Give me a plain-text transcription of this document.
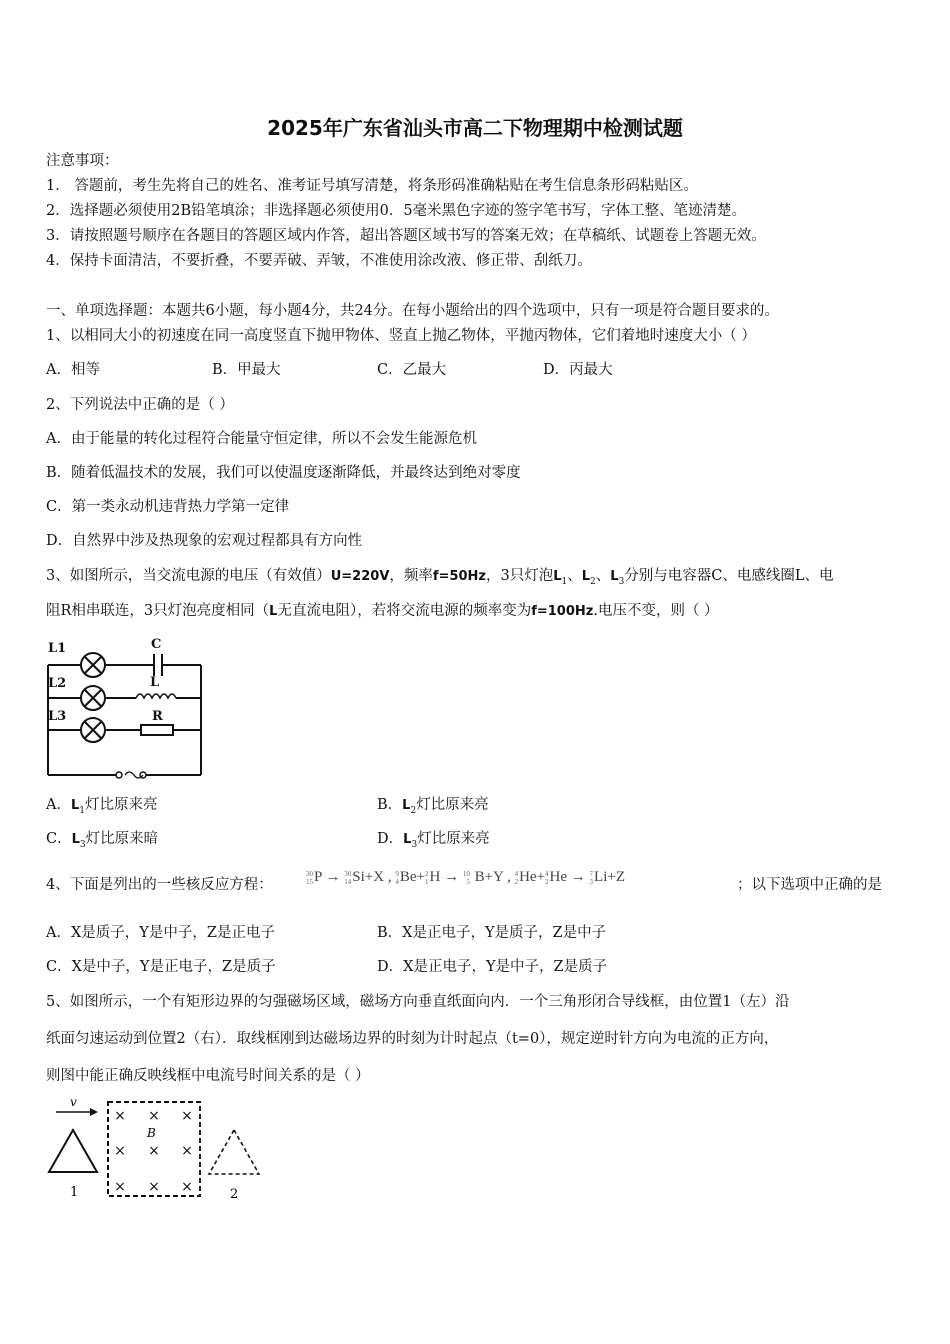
2025年广东省汕头市高二下物理期中检测试题
注意事项：
1． 答题前，考生先将自己的姓名、准考证号填写清楚，将条形码准确粘贴在考生信息条形码粘贴区。
2．选择题必须使用2B铅笔填涂；非选择题必须使用0．5毫米黑色字迹的签字笔书写，字体工整、笔迹清楚。
3．请按照题号顺序在各题目的答题区域内作答，超出答题区域书写的答案无效；在草稿纸、试题卷上答题无效。
4．保持卡面清洁，不要折叠，不要弄破、弄皱，不准使用涂改液、修正带、刮纸刀。
一、单项选择题：本题共6小题，每小题4分，共24分。在每小题给出的四个选项中，只有一项是符合题目要求的。
1、以相同大小的初速度在同一高度竖直下抛甲物体、竖直上抛乙物体，平抛丙物体，它们着地时速度大小（ ）
A．相等	B．甲最大	C．乙最大	D．丙最大
2、下列说法中正确的是（ ）
A．由于能量的转化过程符合能量守恒定律，所以不会发生能源危机
B．随着低温技术的发展，我们可以使温度逐渐降低，并最终达到绝对零度
C．第一类永动机违背热力学第一定律
D．自然界中涉及热现象的宏观过程都具有方向性
3、如图所示，当交流电源的电压（有效值）U=220V，频率f=50Hz，3只灯泡$L_1$、$L_2$、$L_3$分别与电容器C、电感线圈L、电
阻R相串联连，3只灯泡亮度相同（L无直流电阻），若将交流电源的频率变为f=100Hz.电压不变，则（ ）
L1
L2
L3
C
L
R
A．$L_1$灯比原来亮	B．$L_2$灯比原来亮
C．$L_3$灯比原来暗	D．$L_3$灯比原来亮
4、下面是列出的一些核反应方程：
30
15 P → 30
14 Si+X , 9
4 Be+ 2
1 H → 10
5 B+Y , 4
2 He+ 4
2 He → 7
3 Li+Z	；以下选项中正确的是
A．X是质子，Y是中子，Z是正电子	B．X是正电子，Y是质子，Z是中子
C．X是中子，Y是正电子，Z是质子	D．X是正电子，Y是中子，Z是质子
5、如图所示，一个有矩形边界的匀强磁场区域，磁场方向垂直纸面向内．一个三角形闭合导线框，由位置1（左）沿
纸面匀速运动到位置2（右）．取线框刚到达磁场边界的时刻为计时起点（t=0），规定逆时针方向为电流的正方向，
则图中能正确反映线框中电流号时间关系的是（ ）
v
1
× × ×
× × ×
× × ×
B
2
